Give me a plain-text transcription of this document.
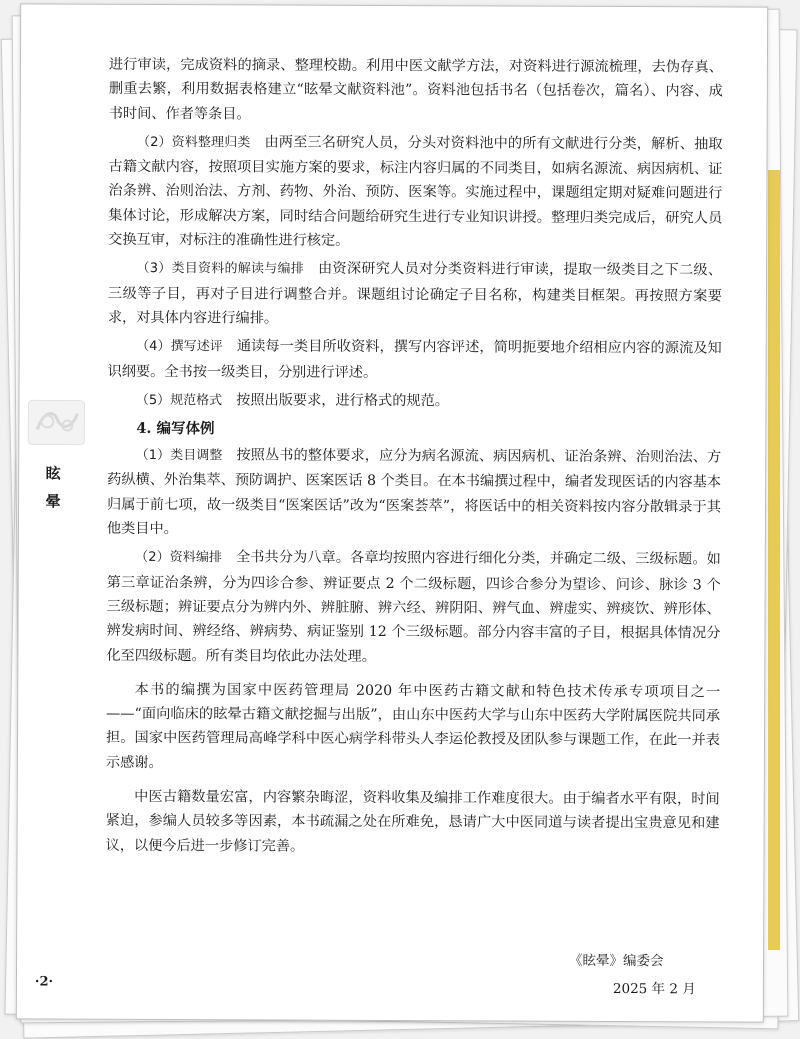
眩晕

进行审读，完成资料的摘录、整理校勘。利用中医文献学方法，对资料进行源流梳理，去伪存真、删重去繁，利用数据表格建立“眩晕文献资料池”。资料池包括书名（包括卷次，篇名）、内容、成书时间、作者等条目。

（2）资料整理归类 由两至三名研究人员，分头对资料池中的所有文献进行分类，解析、抽取古籍文献内容，按照项目实施方案的要求，标注内容归属的不同类目，如病名源流、病因病机、证治条辨、治则治法、方剂、药物、外治、预防、医案等。实施过程中，课题组定期对疑难问题进行集体讨论，形成解决方案，同时结合问题给研究生进行专业知识讲授。整理归类完成后，研究人员交换互审，对标注的准确性进行核定。

（3）类目资料的解读与编排 由资深研究人员对分类资料进行审读，提取一级类目之下二级、三级等子目，再对子目进行调整合并。课题组讨论确定子目名称，构建类目框架。再按照方案要求，对具体内容进行编排。

（4）撰写述评 通读每一类目所收资料，撰写内容评述，简明扼要地介绍相应内容的源流及知识纲要。全书按一级类目，分别进行评述。

（5）规范格式 按照出版要求，进行格式的规范。

4. 编写体例

（1）类目调整 按照丛书的整体要求，应分为病名源流、病因病机、证治条辨、治则治法、方药纵横、外治集萃、预防调护、医案医话 8 个类目。在本书编撰过程中，编者发现医话的内容基本归属于前七项，故一级类目“医案医话”改为“医案荟萃”，将医话中的相关资料按内容分散辑录于其他类目中。

（2）资料编排 全书共分为八章。各章均按照内容进行细化分类，并确定二级、三级标题。如第三章证治条辨，分为四诊合参、辨证要点 2 个二级标题，四诊合参分为望诊、问诊、脉诊 3 个三级标题；辨证要点分为辨内外、辨脏腑、辨六经、辨阴阳、辨气血、辨虚实、辨痰饮、辨形体、辨发病时间、辨经络、辨病势、病证鉴别 12 个三级标题。部分内容丰富的子目，根据具体情况分化至四级标题。所有类目均依此办法处理。

本书的编撰为国家中医药管理局 2020 年中医药古籍文献和特色技术传承专项项目之一——“面向临床的眩晕古籍文献挖掘与出版”，由山东中医药大学与山东中医药大学附属医院共同承担。国家中医药管理局高峰学科中医心病学科带头人李运伦教授及团队参与课题工作，在此一并表示感谢。

中医古籍数量宏富，内容繁杂晦涩，资料收集及编排工作难度很大。由于编者水平有限，时间紧迫，参编人员较多等因素，本书疏漏之处在所难免，恳请广大中医同道与读者提出宝贵意见和建议，以便今后进一步修订完善。

《眩晕》编委会
2025 年 2 月
·2·
